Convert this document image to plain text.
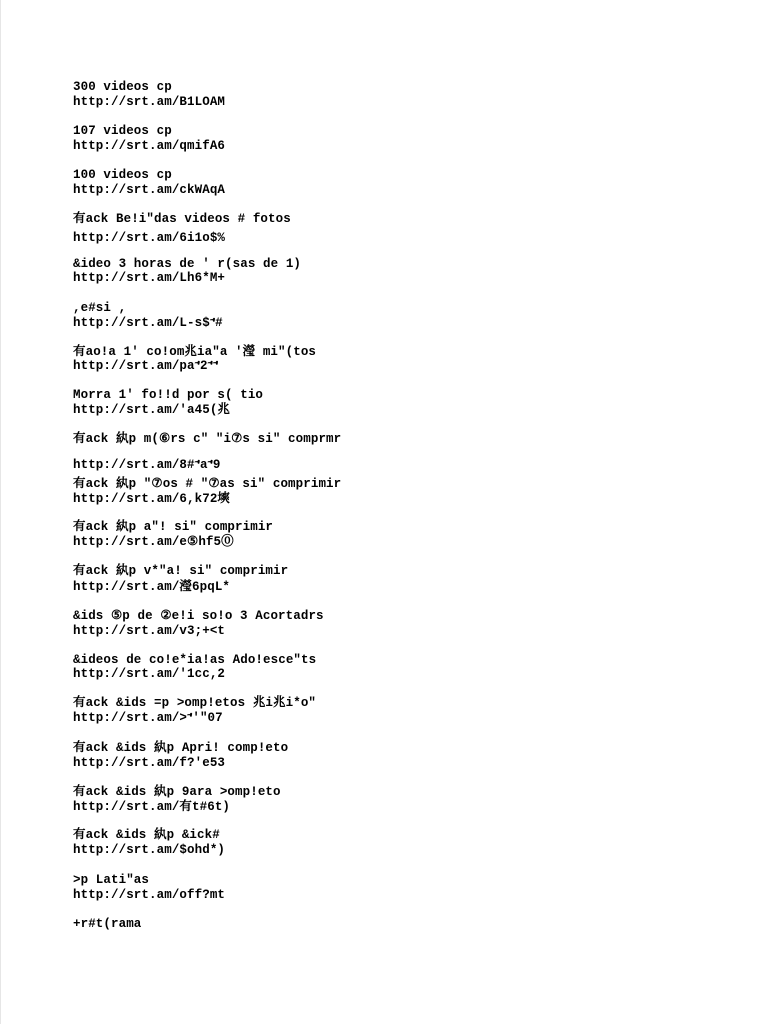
300 videos cp
http://srt.am/B1LOAM
107 videos cp
http://srt.am/qmifA6
100 videos cp
http://srt.am/ckWAqA
有ack Be!i"das videos # fotos
http://srt.am/6i1o$%
&ideo 3 horas de ' r(sas de 1)
http://srt.am/Lh6*M+
,e#si ,
http://srt.am/L-s$𝀀#
有ao!a 1' co!om兆ia"a '瀅 mi"(tos
http://srt.am/pa𝀀2𝀀𝀀
Morra 1' fo!!d por s( tio
http://srt.am/'a45(兆
有ack 紈p m(⑥rs c" "i⑦s si" comprmr
http://srt.am/8#𝀀a𝀀9
有ack 紈p "⑦os # "⑦as si" comprimir
http://srt.am/6,k72塽
有ack 紈p a"! si" comprimir
http://srt.am/e⑤hf5⓪
有ack 紈p v*"a! si" comprimir
http://srt.am/瀅6pqL*
&ids ⑤p de ②e!i so!o 3 Acortadrs
http://srt.am/v3;+<t
&ideos de co!e*ia!as Ado!esce"ts
http://srt.am/'1cc,2
有ack &ids =p >omp!etos 兆i兆i*o"
http://srt.am/>𝀀'"07
有ack &ids 紈p Apri! comp!eto
http://srt.am/f?'e53
有ack &ids 紈p 9ara >omp!eto
http://srt.am/有t#6t)
有ack &ids 紈p &ick#
http://srt.am/$ohd*)
>p Lati"as
http://srt.am/off?mt
+r#t(rama
